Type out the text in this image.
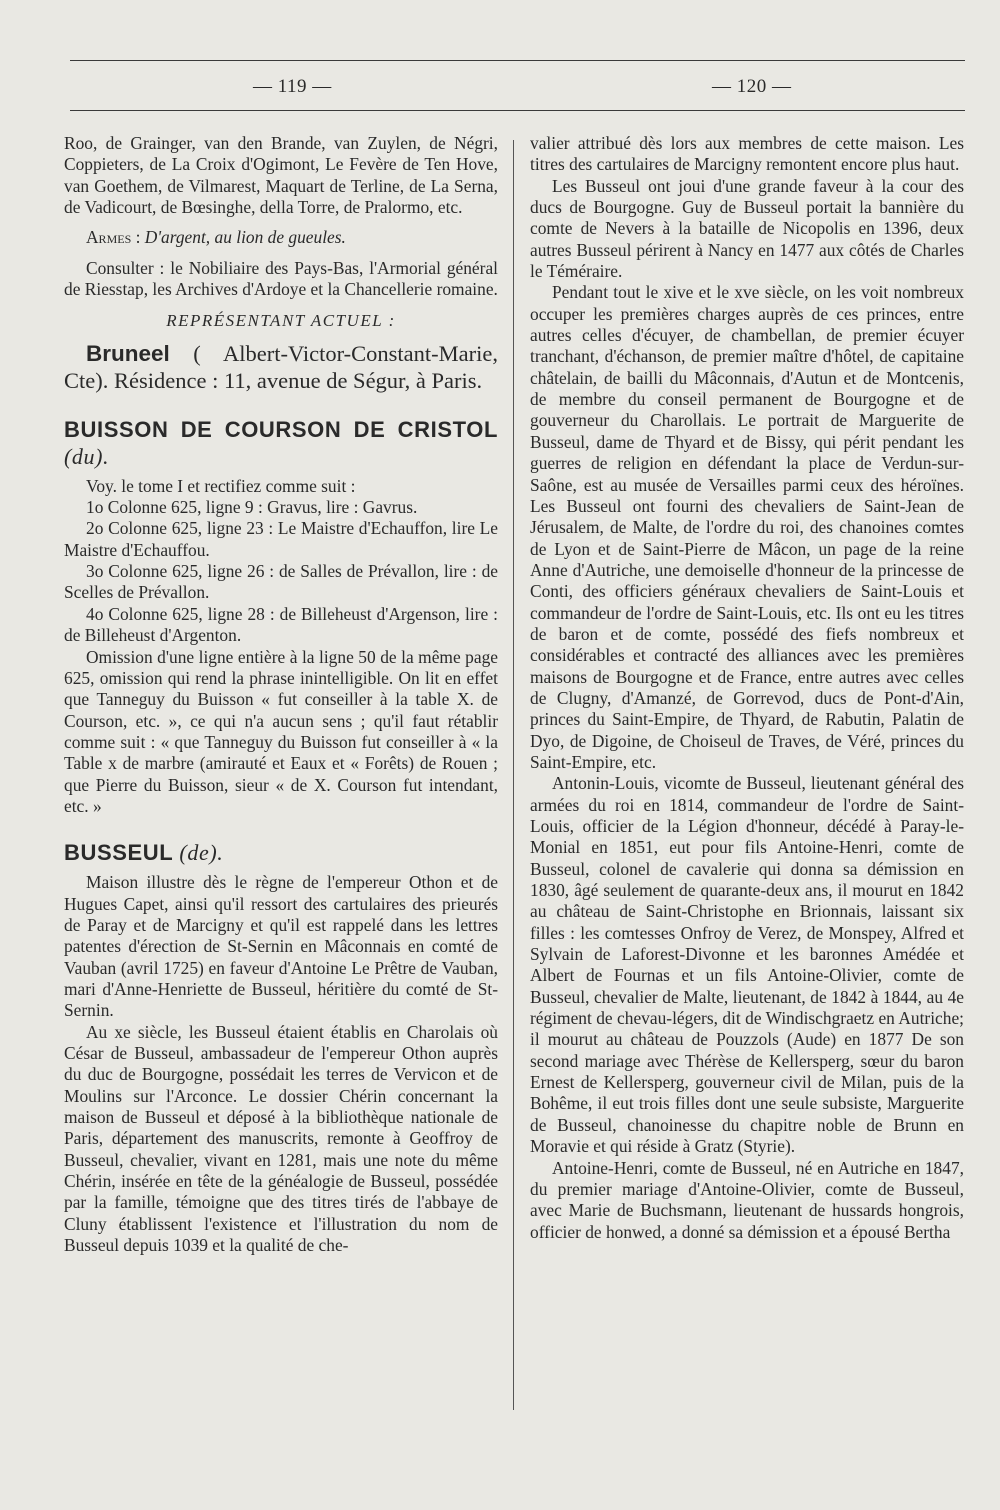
— 119 —	— 120 —

Roo, de Grainger, van den Brande, van Zuylen, de Négri, Coppieters, de La Croix d'Ogimont, Le Fevère de Ten Hove, van Goethem, de Vilmarest, Maquart de Terline, de La Serna, de Vadicourt, de Bœsinghe, della Torre, de Pralormo, etc.

Armes : D'argent, au lion de gueules.

Consulter : le Nobiliaire des Pays-Bas, l'Armorial général de Riesstap, les Archives d'Ardoye et la Chancellerie romaine.

REPRÉSENTANT ACTUEL :

Bruneel ( Albert-Victor-Constant-Marie, Cte). Résidence : 11, avenue de Ségur, à Paris.

BUISSON DE COURSON DE CRISTOL (du).

Voy. le tome I et rectifiez comme suit :

1o Colonne 625, ligne 9 : Gravus, lire : Gavrus.

2o Colonne 625, ligne 23 : Le Maistre d'Echauffon, lire Le Maistre d'Echauffou.

3o Colonne 625, ligne 26 : de Salles de Prévallon, lire : de Scelles de Prévallon.

4o Colonne 625, ligne 28 : de Billeheust d'Argenson, lire : de Billeheust d'Argenton.

Omission d'une ligne entière à la ligne 50 de la même page 625, omission qui rend la phrase inintelligible. On lit en effet que Tanneguy du Buisson « fut conseiller à la table X. de Courson, etc. », ce qui n'a aucun sens ; qu'il faut rétablir comme suit : « que Tanneguy du Buisson fut conseiller à « la Table x de marbre (amirauté et Eaux et « Forêts) de Rouen ; que Pierre du Buisson, sieur « de X. Courson fut intendant, etc. »

BUSSEUL (de).

Maison illustre dès le règne de l'empereur Othon et de Hugues Capet, ainsi qu'il ressort des cartulaires des prieurés de Paray et de Marcigny et qu'il est rappelé dans les lettres patentes d'érection de St-Sernin en Mâconnais en comté de Vauban (avril 1725) en faveur d'Antoine Le Prêtre de Vauban, mari d'Anne-Henriette de Busseul, héritière du comté de St-Sernin.

Au xe siècle, les Busseul étaient établis en Charolais où César de Busseul, ambassadeur de l'empereur Othon auprès du duc de Bourgogne, possédait les terres de Vervicon et de Moulins sur l'Arconce. Le dossier Chérin concernant la maison de Busseul et déposé à la bibliothèque nationale de Paris, département des manuscrits, remonte à Geoffroy de Busseul, chevalier, vivant en 1281, mais une note du même Chérin, insérée en tête de la généalogie de Busseul, possédée par la famille, témoigne que des titres tirés de l'abbaye de Cluny établissent l'existence et l'illustration du nom de Busseul depuis 1039 et la qualité de che-

valier attribué dès lors aux membres de cette maison. Les titres des cartulaires de Marcigny remontent encore plus haut.

Les Busseul ont joui d'une grande faveur à la cour des ducs de Bourgogne. Guy de Busseul portait la bannière du comte de Nevers à la bataille de Nicopolis en 1396, deux autres Busseul périrent à Nancy en 1477 aux côtés de Charles le Téméraire.

Pendant tout le xive et le xve siècle, on les voit nombreux occuper les premières charges auprès de ces princes, entre autres celles d'écuyer, de chambellan, de premier écuyer tranchant, d'échanson, de premier maître d'hôtel, de capitaine châtelain, de bailli du Mâconnais, d'Autun et de Montcenis, de membre du conseil permanent de Bourgogne et de gouverneur du Charollais. Le portrait de Marguerite de Busseul, dame de Thyard et de Bissy, qui périt pendant les guerres de religion en défendant la place de Verdun-sur-Saône, est au musée de Versailles parmi ceux des héroïnes. Les Busseul ont fourni des chevaliers de Saint-Jean de Jérusalem, de Malte, de l'ordre du roi, des chanoines comtes de Lyon et de Saint-Pierre de Mâcon, un page de la reine Anne d'Autriche, une demoiselle d'honneur de la princesse de Conti, des officiers généraux chevaliers de Saint-Louis et commandeur de l'ordre de Saint-Louis, etc. Ils ont eu les titres de baron et de comte, possédé des fiefs nombreux et considérables et contracté des alliances avec les premières maisons de Bourgogne et de France, entre autres avec celles de Clugny, d'Amanzé, de Gorrevod, ducs de Pont-d'Ain, princes du Saint-Empire, de Thyard, de Rabutin, Palatin de Dyo, de Digoine, de Choiseul de Traves, de Véré, princes du Saint-Empire, etc.

Antonin-Louis, vicomte de Busseul, lieutenant général des armées du roi en 1814, commandeur de l'ordre de Saint-Louis, officier de la Légion d'honneur, décédé à Paray-le-Monial en 1851, eut pour fils Antoine-Henri, comte de Busseul, colonel de cavalerie qui donna sa démission en 1830, âgé seulement de quarante-deux ans, il mourut en 1842 au château de Saint-Christophe en Brionnais, laissant six filles : les comtesses Onfroy de Verez, de Monspey, Alfred et Sylvain de Laforest-Divonne et les baronnes Amédée et Albert de Fournas et un fils Antoine-Olivier, comte de Busseul, chevalier de Malte, lieutenant, de 1842 à 1844, au 4e régiment de chevau-légers, dit de Windischgraetz en Autriche; il mourut au château de Pouzzols (Aude) en 1877 De son second mariage avec Thérèse de Kellersperg, sœur du baron Ernest de Kellersperg, gouverneur civil de Milan, puis de la Bohême, il eut trois filles dont une seule subsiste, Marguerite de Busseul, chanoinesse du chapitre noble de Brunn en Moravie et qui réside à Gratz (Styrie).

Antoine-Henri, comte de Busseul, né en Autriche en 1847, du premier mariage d'Antoine-Olivier, comte de Busseul, avec Marie de Buchsmann, lieutenant de hussards hongrois, officier de honwed, a donné sa démission et a épousé Bertha
